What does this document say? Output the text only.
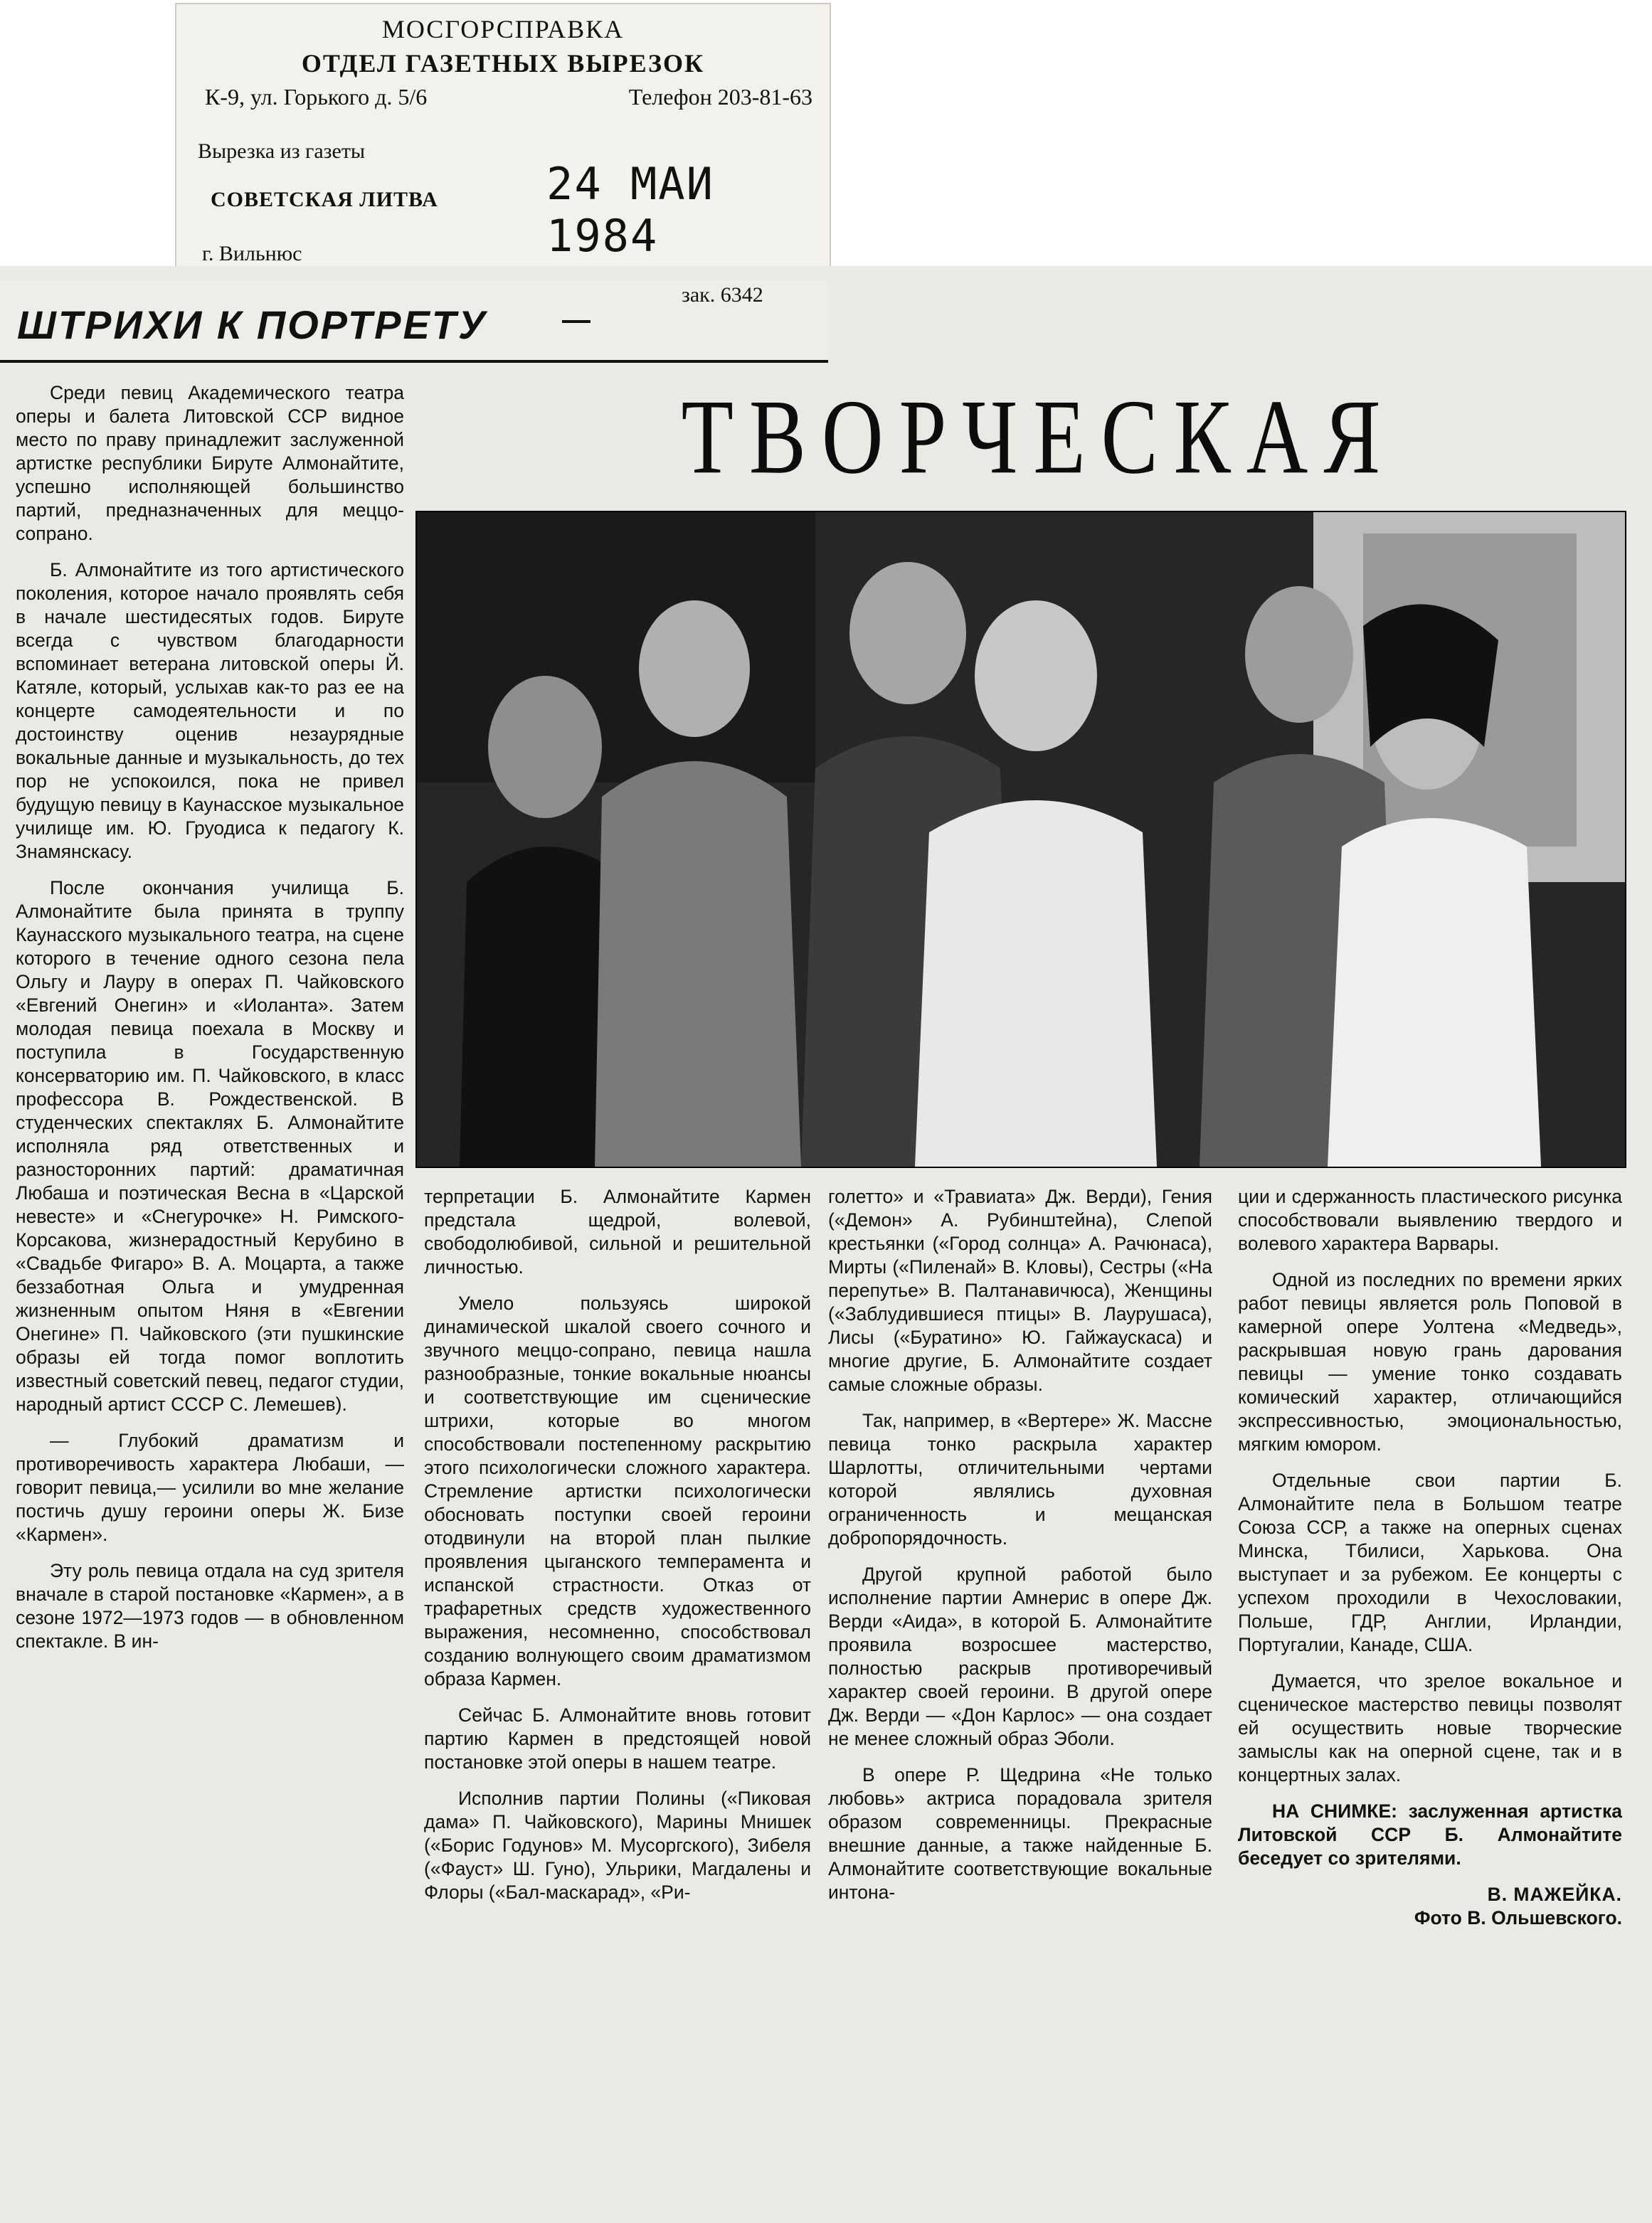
МОСГОРСПРАВКА
ОТДЕЛ ГАЗЕТНЫХ ВЫРЕЗОК
К-9, ул. Горького д. 5/6	Телефон 203-81-63
Вырезка из газеты
СОВЕТСКАЯ ЛИТВА 24 МАИ 1984
г. Вильнюс
ШТРИХИ К ПОРТРЕТУ
зак. 6342
ТВОРЧЕСКАЯ

Среди певиц Академического театра оперы и балета Литовской ССР видное место по праву принадлежит заслуженной артистке республики Бируте Алмонайтите, успешно исполняющей большинство партий, предназначенных для меццо-сопрано.

Б. Алмонайтите из того артистического поколения, которое начало проявлять себя в начале шестидесятых годов. Бируте всегда с чувством благодарности вспоминает ветерана литовской оперы Й. Катяле, который, услыхав как-то раз ее на концерте самодеятельности и по достоинству оценив незаурядные вокальные данные и музыкальность, до тех пор не успокоился, пока не привел будущую певицу в Каунасское музыкальное училище им. Ю. Груодиса к педагогу К. Знамянскасу.

После окончания училища Б. Алмонайтите была принята в труппу Каунасского музыкального театра, на сцене которого в течение одного сезона пела Ольгу и Лауру в операх П. Чайковского «Евгений Онегин» и «Иоланта». Затем молодая певица поехала в Москву и поступила в Государственную консерваторию им. П. Чайковского, в класс профессора В. Рождественской. В студенческих спектаклях Б. Алмонайтите исполняла ряд ответственных и разносторонних партий: драматичная Любаша и поэтическая Весна в «Царской невесте» и «Снегурочке» Н. Римского-Корсакова, жизнерадостный Керубино в «Свадьбе Фигаро» В. А. Моцарта, а также беззаботная Ольга и умудренная жизненным опытом Няня в «Евгении Онегине» П. Чайковского (эти пушкинские образы ей тогда помог воплотить известный советский певец, педагог студии, народный артист СССР С. Лемешев).

— Глубокий драматизм и противоречивость характера Любаши, — говорит певица,— усилили во мне желание постичь душу героини оперы Ж. Бизе «Кармен».

Эту роль певица отдала на суд зрителя вначале в старой постановке «Кармен», а в сезоне 1972—1973 годов — в обновленном спектакле. В ин-

терпретации Б. Алмонайтите Кармен предстала щедрой, волевой, свободолюбивой, сильной и решительной личностью.

Умело пользуясь широкой динамической шкалой своего сочного и звучного меццо-сопрано, певица нашла разнообразные, тонкие вокальные нюансы и соответствующие им сценические штрихи, которые во многом способствовали постепенному раскрытию этого психологически сложного характера. Стремление артистки психологически обосновать поступки своей героини отодвинули на второй план пылкие проявления цыганского темперамента и испанской страстности. Отказ от трафаретных средств художественного выражения, несомненно, способствовал созданию волнующего своим драматизмом образа Кармен.

Сейчас Б. Алмонайтите вновь готовит партию Кармен в предстоящей новой постановке этой оперы в нашем театре.

Исполнив партии Полины («Пиковая дама» П. Чайковского), Марины Мнишек («Борис Годунов» М. Мусоргского), Зибеля («Фауст» Ш. Гуно), Ульрики, Магдалены и Флоры («Бал-маскарад», «Ри-

голетто» и «Травиата» Дж. Верди), Гения («Демон» А. Рубинштейна), Слепой крестьянки («Город солнца» А. Рачюнаса), Мирты («Пиленай» В. Кловы), Сестры («На перепутье» В. Палтанавичюса), Женщины («Заблудившиеся птицы» В. Лаурушаса), Лисы («Буратино» Ю. Гайжаускаса) и многие другие, Б. Алмонайтите создает самые сложные образы.

Так, например, в «Вертере» Ж. Массне певица тонко раскрыла характер Шарлотты, отличительными чертами которой являлись духовная ограниченность и мещанская добропорядочность.

Другой крупной работой было исполнение партии Амнерис в опере Дж. Верди «Аида», в которой Б. Алмонайтите проявила возросшее мастерство, полностью раскрыв противоречивый характер своей героини. В другой опере Дж. Верди — «Дон Карлос» — она создает не менее сложный образ Эболи.

В опере Р. Щедрина «Не только любовь» актриса порадовала зрителя образом современницы. Прекрасные внешние данные, а также найденные Б. Алмонайтите соответствующие вокальные интона-

ции и сдержанность пластического рисунка способствовали выявлению твердого и волевого характера Варвары.

Одной из последних по времени ярких работ певицы является роль Поповой в камерной опере Уолтена «Медведь», раскрывшая новую грань дарования певицы — умение тонко создавать комический характер, отличающийся экспрессивностью, эмоциональностью, мягким юмором.

Отдельные свои партии Б. Алмонайтите пела в Большом театре Союза ССР, а также на оперных сценах Минска, Тбилиси, Харькова. Она выступает и за рубежом. Ее концерты с успехом проходили в Чехословакии, Польше, ГДР, Англии, Ирландии, Португалии, Канаде, США.

Думается, что зрелое вокальное и сценическое мастерство певицы позволят ей осуществить новые творческие замыслы как на оперной сцене, так и в концертных залах.

НА СНИМКЕ: заслуженная артистка Литовской ССР Б. Алмонайтите беседует со зрителями.

В. МАЖЕЙКА.
Фото В. Ольшевского.
